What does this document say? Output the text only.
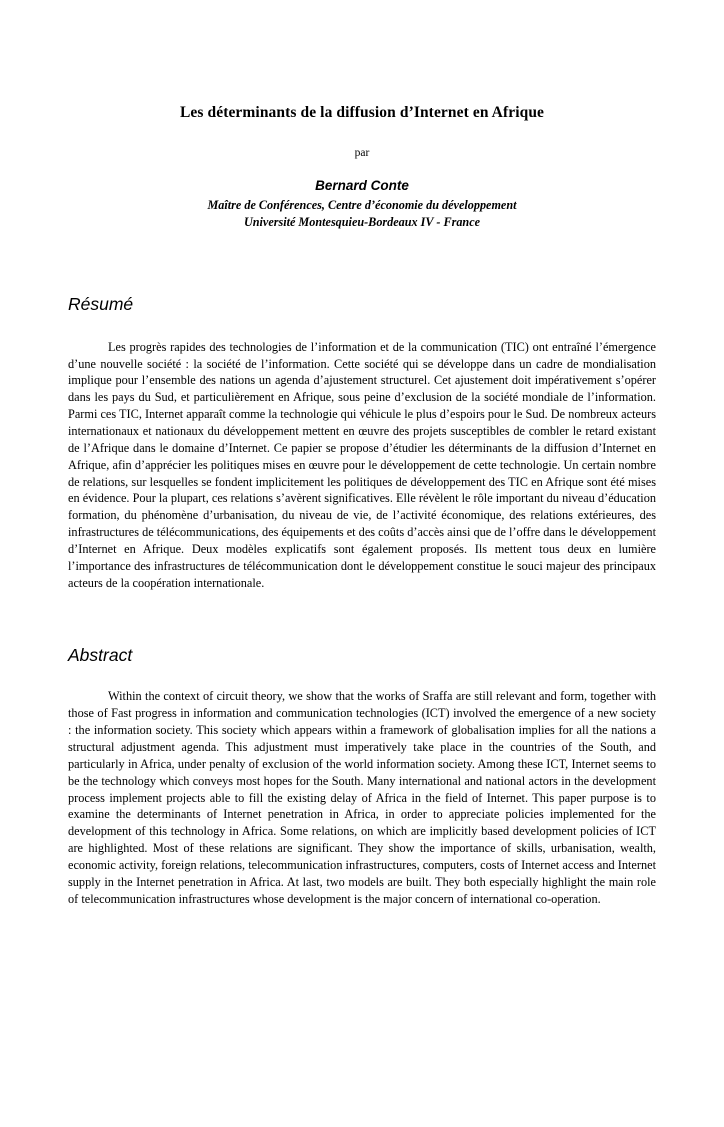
Les déterminants de la diffusion d’Internet en Afrique
par
Bernard Conte
Maître de Conférences, Centre d’économie du développement
Université Montesquieu-Bordeaux IV - France
Résumé

Les progrès rapides des technologies de l’information et de la communication (TIC) ont entraîné l’émergence d’une nouvelle société : la société de l’information. Cette société qui se développe dans un cadre de mondialisation implique pour l’ensemble des nations un agenda d’ajustement structurel. Cet ajustement doit impérativement s’opérer dans les pays du Sud, et particulièrement en Afrique, sous peine d’exclusion de la société mondiale de l’information. Parmi ces TIC, Internet apparaît comme la technologie qui véhicule le plus d’espoirs pour le Sud. De nombreux acteurs internationaux et nationaux du développement mettent en œuvre des projets susceptibles de combler le retard existant de l’Afrique dans le domaine d’Internet. Ce papier se propose d’étudier les déterminants de la diffusion d’Internet en Afrique, afin d’apprécier les politiques mises en œuvre pour le développement de cette technologie. Un certain nombre de relations, sur lesquelles se fondent implicitement les politiques de développement des TIC en Afrique sont été mises en évidence. Pour la plupart, ces relations s’avèrent significatives. Elle révèlent le rôle important du niveau d’éducation formation, du phénomène d’urbanisation, du niveau de vie, de l’activité économique, des relations extérieures, des infrastructures de télécommunications, des équipements et des coûts d’accès ainsi que de l’offre dans le développement d’Internet en Afrique. Deux modèles explicatifs sont également proposés. Ils mettent tous deux en lumière l’importance des infrastructures de télécommunication dont le développement constitue le souci majeur des principaux acteurs de la coopération internationale.

Abstract

Within the context of circuit theory, we show that the works of Sraffa are still relevant and form, together with those of Fast progress in information and communication technologies (ICT) involved the emergence of a new society : the information society. This society which appears within a framework of globalisation implies for all the nations a structural adjustment agenda. This adjustment must imperatively take place in the countries of the South, and particularly in Africa, under penalty of exclusion of the world information society. Among these ICT, Internet seems to be the technology which conveys most hopes for the South. Many international and national actors in the development process implement projects able to fill the existing delay of Africa in the field of Internet. This paper purpose is to examine the determinants of Internet penetration in Africa, in order to appreciate policies implemented for the development of this technology in Africa. Some relations, on which are implicitly based development policies of ICT are highlighted. Most of these relations are significant. They show the importance of skills, urbanisation, wealth, economic activity, foreign relations, telecommunication infrastructures, computers, costs of Internet access and Internet supply in the Internet penetration in Africa. At last, two models are built. They both especially highlight the main role of telecommunication infrastructures whose development is the major concern of international co-operation.
